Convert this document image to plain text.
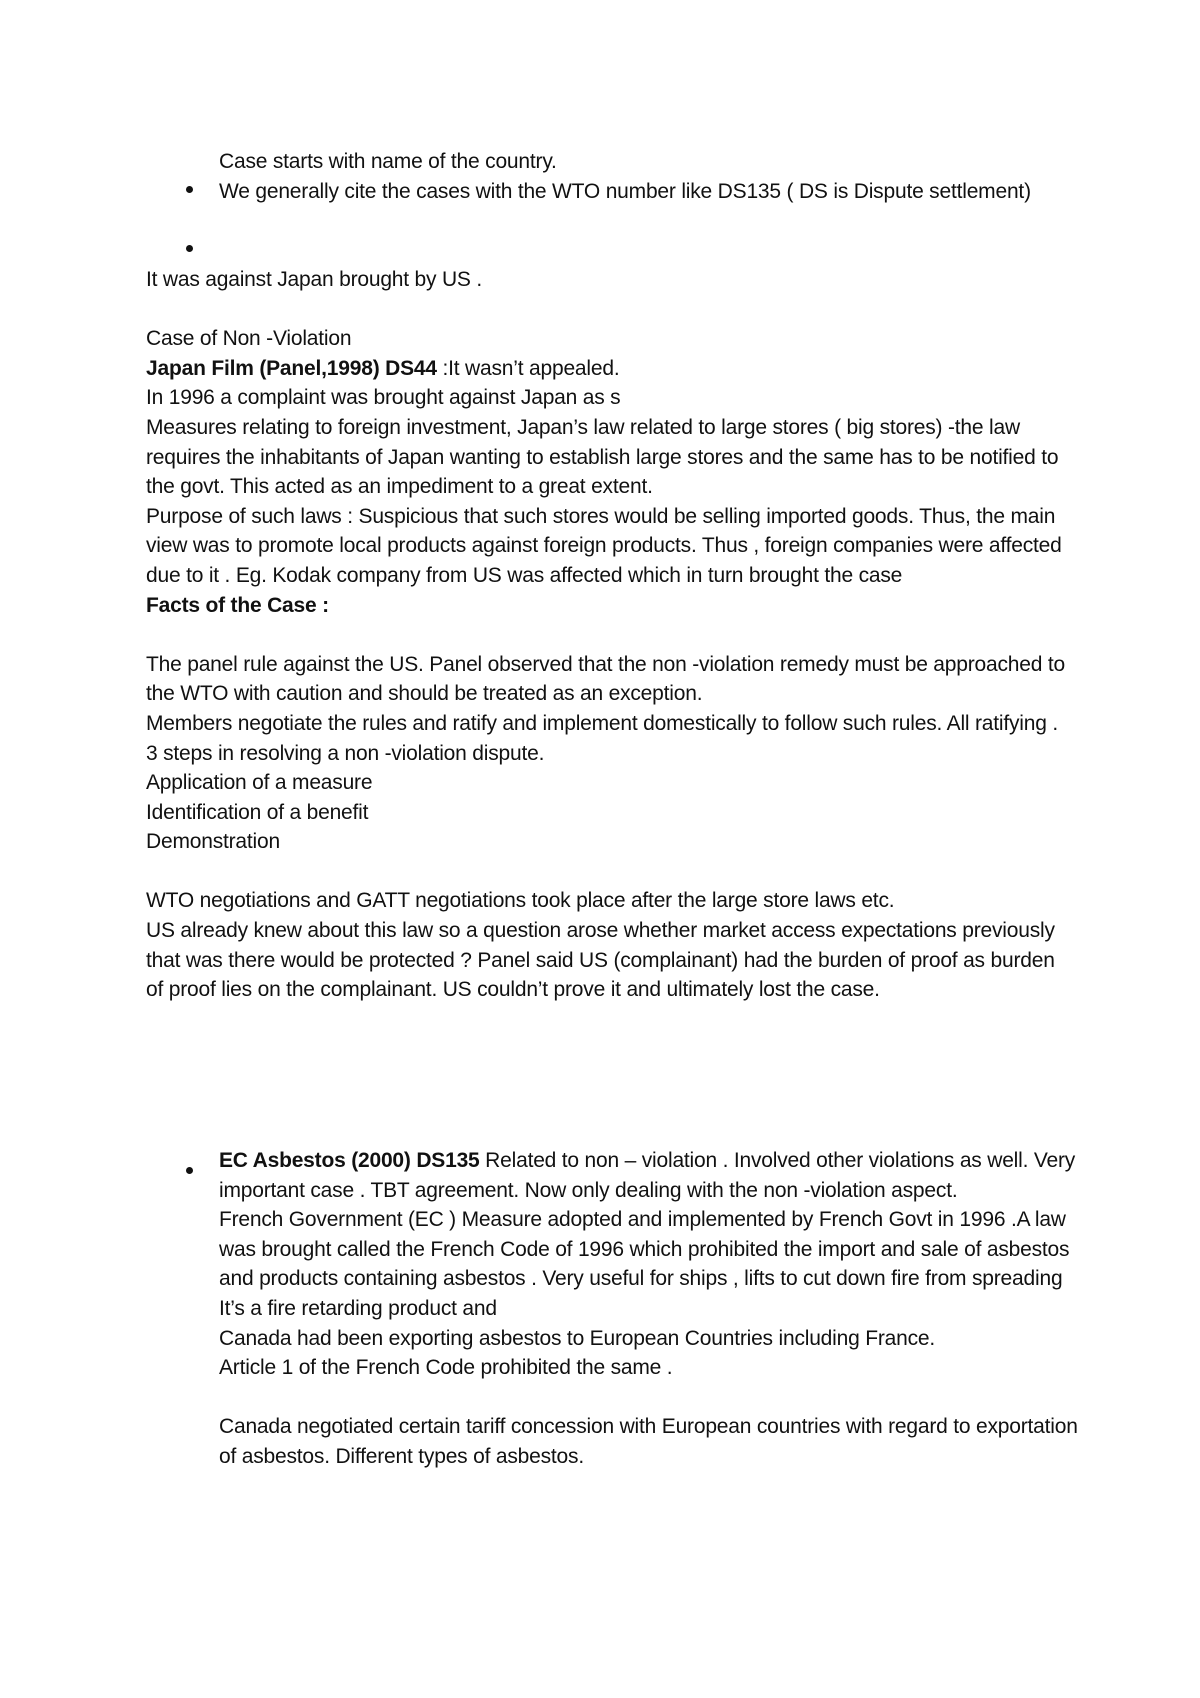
Case starts with name of the country.

We generally cite the cases with the WTO number like DS135 ( DS is Dispute settlement)

It was against Japan brought by US .

Case of Non -Violation

Japan Film (Panel,1998) DS44 :It wasn’t appealed.

In 1996 a complaint was brought against Japan as s

Measures relating to foreign investment, Japan’s law related to large stores ( big stores) -the law requires the inhabitants of Japan wanting to establish large stores and the same has to be notified to the govt. This acted as an impediment to a great extent.

Purpose of such laws : Suspicious that such stores would be selling imported goods. Thus, the main view was to promote local products against foreign products. Thus , foreign companies were affected due to it . Eg. Kodak company from US was affected which in turn brought the case

Facts of the Case :

The panel rule against the US. Panel observed that the non -violation remedy must be approached to the WTO with caution and should be treated as an exception.

Members negotiate the rules and ratify and implement domestically to follow such rules. All ratifying .

3 steps in resolving a non -violation dispute.

Application of a measure

Identification of a benefit

Demonstration

WTO negotiations and GATT negotiations took place after the large store laws etc.

US already knew about this law so a question arose whether market access expectations previously that was there would be protected ? Panel said US (complainant) had the burden of proof as burden of proof lies on the complainant. US couldn’t prove it and ultimately lost the case.

EC Asbestos (2000) DS135 Related to non – violation . Involved other violations as well. Very important case . TBT agreement. Now only dealing with the non -violation aspect.

French Government (EC ) Measure adopted and implemented by French Govt in 1996 .A law was brought called the French Code of 1996 which prohibited the import and sale of asbestos and products containing asbestos . Very useful for ships , lifts to cut down fire from spreading It’s a fire retarding product and

Canada had been exporting asbestos to European Countries including France.

Article 1 of the French Code prohibited the same .

Canada negotiated certain tariff concession with European countries with regard to exportation of asbestos. Different types of asbestos.
